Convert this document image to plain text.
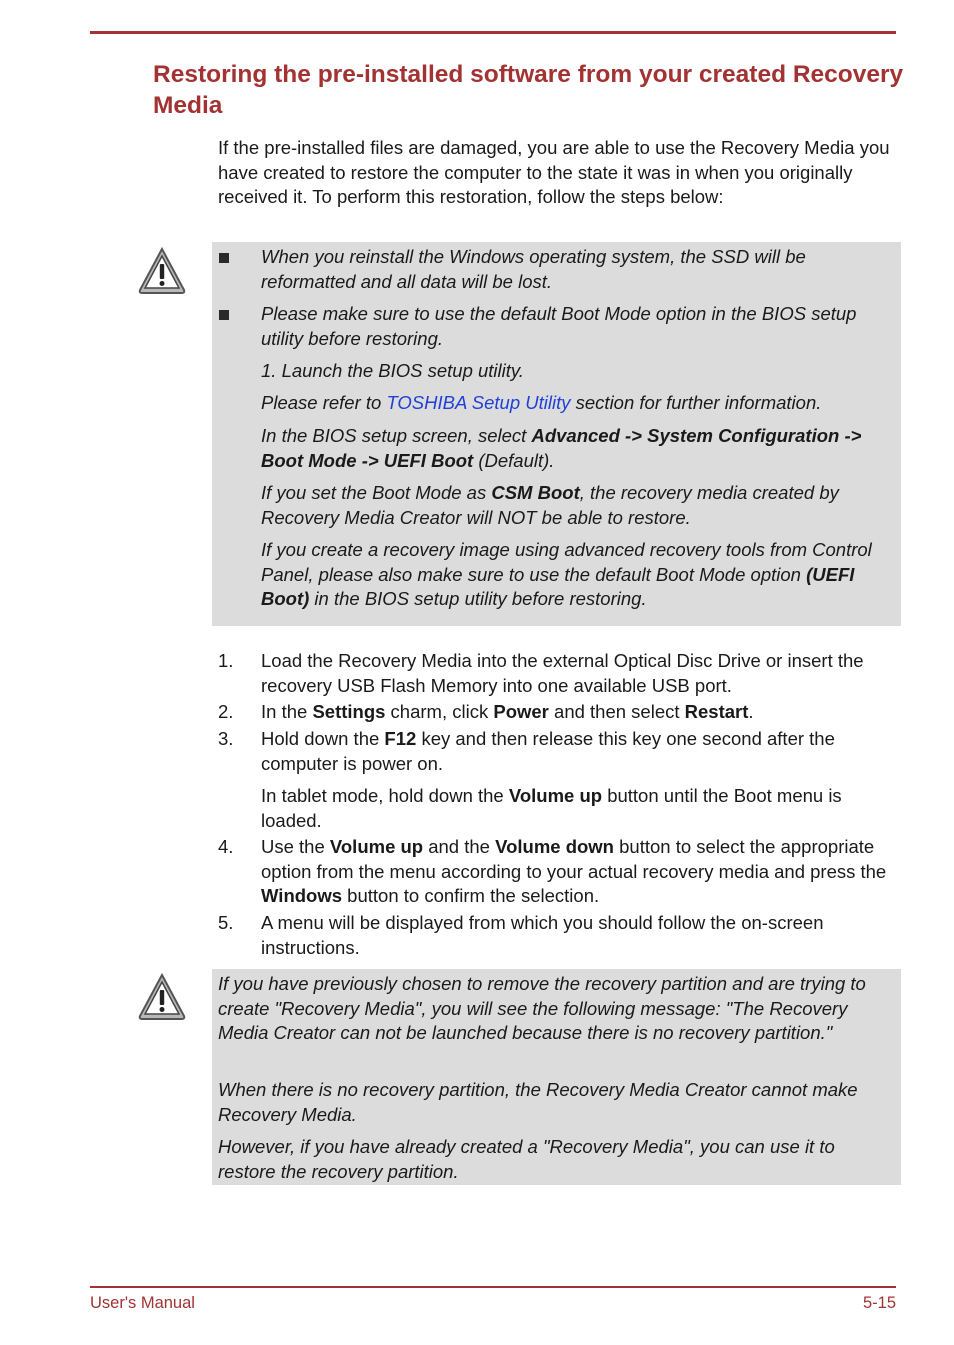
Restoring the pre-installed software from your created Recovery Media

If the pre-installed files are damaged, you are able to use the Recovery Media you have created to restore the computer to the state it was in when you originally received it. To perform this restoration, follow the steps below:

When you reinstall the Windows operating system, the SSD will be reformatted and all data will be lost.

Please make sure to use the default Boot Mode option in the BIOS setup utility before restoring.

1. Launch the BIOS setup utility.

Please refer to TOSHIBA Setup Utility section for further information.

In the BIOS setup screen, select Advanced -> System Configuration -> Boot Mode -> UEFI Boot (Default).

If you set the Boot Mode as CSM Boot, the recovery media created by Recovery Media Creator will NOT be able to restore.

If you create a recovery image using advanced recovery tools from Control Panel, please also make sure to use the default Boot Mode option (UEFI Boot) in the BIOS setup utility before restoring.

1. Load the Recovery Media into the external Optical Disc Drive or insert the recovery USB Flash Memory into one available USB port.

2. In the Settings charm, click Power and then select Restart.

3. Hold down the F12 key and then release this key one second after the computer is power on.

In tablet mode, hold down the Volume up button until the Boot menu is loaded.

4. Use the Volume up and the Volume down button to select the appropriate option from the menu according to your actual recovery media and press the Windows button to confirm the selection.

5. A menu will be displayed from which you should follow the on-screen instructions.

If you have previously chosen to remove the recovery partition and are trying to create "Recovery Media", you will see the following message: "The Recovery Media Creator can not be launched because there is no recovery partition."

When there is no recovery partition, the Recovery Media Creator cannot make Recovery Media.

However, if you have already created a "Recovery Media", you can use it to restore the recovery partition.

User's Manual	5-15
